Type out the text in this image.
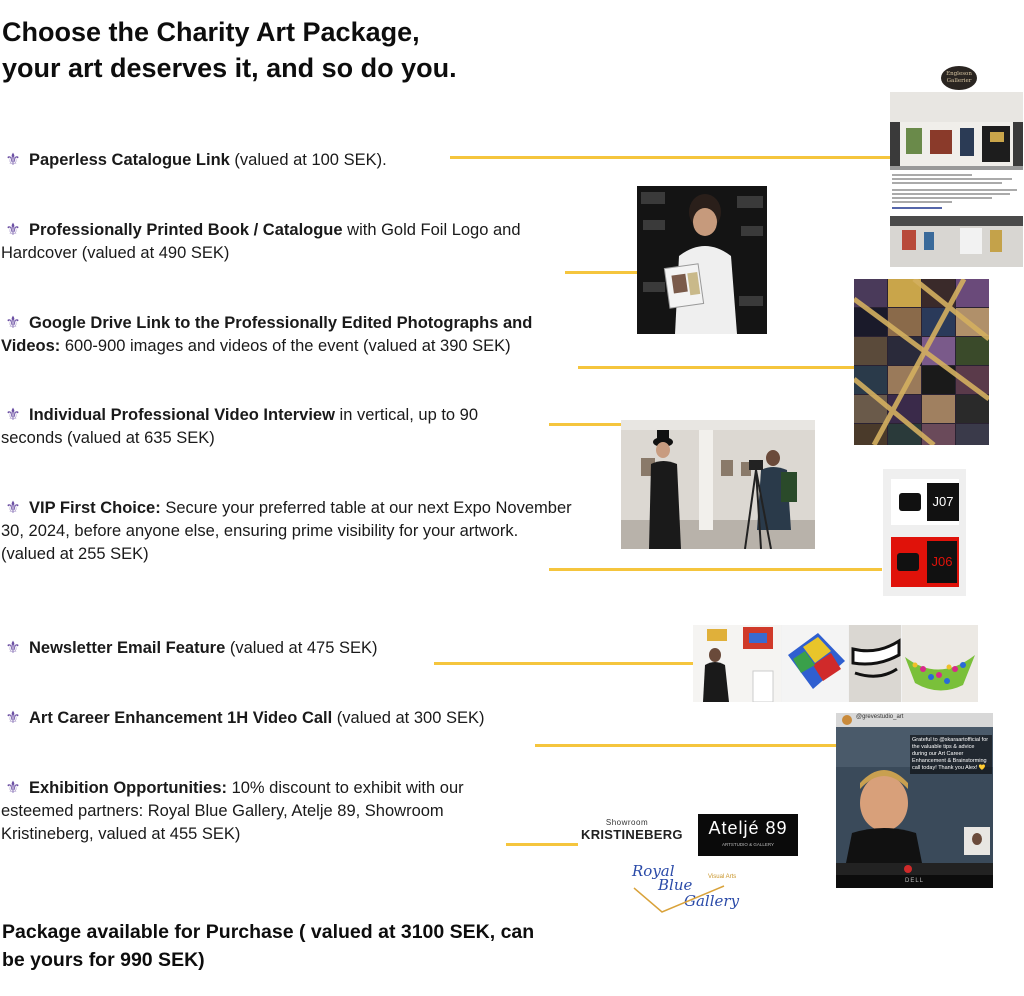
Choose the Charity Art Package,
your art deserves it, and so do you.
⚜ Paperless Catalogue Link (valued at 100 SEK).
⚜ Professionally Printed Book / Catalogue with Gold Foil Logo and Hardcover (valued at 490 SEK)
⚜ Google Drive Link to the Professionally Edited Photographs and Videos: 600-900 images and videos of the event (valued at 390 SEK)
⚜ Individual Professional Video Interview in vertical, up to 90 seconds (valued at 635 SEK)
⚜ VIP First Choice: Secure your preferred table at our next Expo November 30, 2024, before anyone else, ensuring prime visibility for your artwork.
(valued at 255 SEK)
⚜ Newsletter Email Feature (valued at 475 SEK)
⚜ Art Career Enhancement 1H Video Call (valued at 300 SEK)
⚜ Exhibition Opportunities: 10% discount to exhibit with our esteemed partners: Royal Blue Gallery, Atelje 89, Showroom Kristineberg, valued at 455 SEK)
Engleson
Gallerier
J07
J06
@grevestudio_art
Grateful to @skaraartofficial for the valuable tips & advice during our Art Career Enhancement & Brainstorming call today! Thank you Alex! 💛
DELL
Showroom
KRISTINEBERG	Ateljé 89
ARTSTUDIO & GALLERY
Royal
Blue
Gallery
Visual Arts
Package available for Purchase ( valued at 3100 SEK, can
be yours for 990 SEK)
